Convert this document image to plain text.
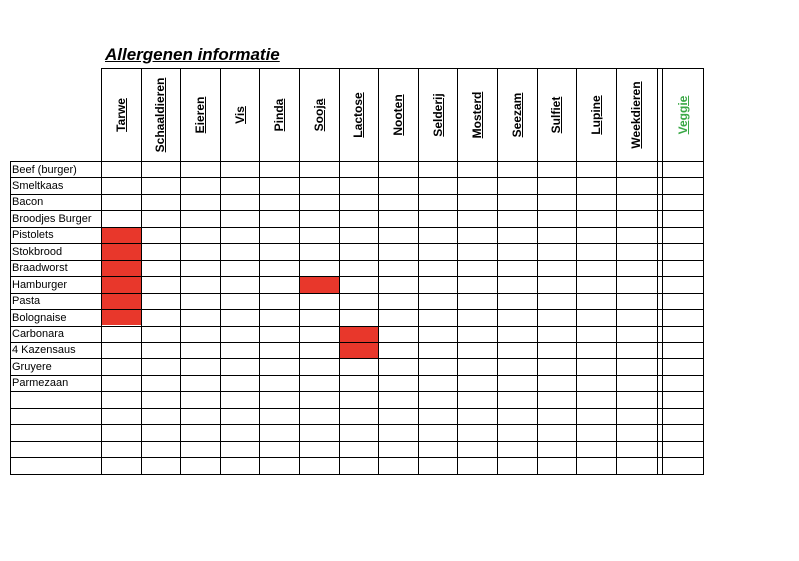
Allergenen informatie
Tarwe Schaaldieren Eieren Vis Pinda Sooja Lactose Nooten Selderij Mosterd Seezam Sulfiet Lupine Weekdieren	Veggie
Beef (burger)
Smeltkaas
Bacon
Broodjes Burger
Pistolets
Stokbrood
Braadworst
Hamburger
Pasta
Bolognaise
Carbonara
4 Kazensaus
Gruyere
Parmezaan
